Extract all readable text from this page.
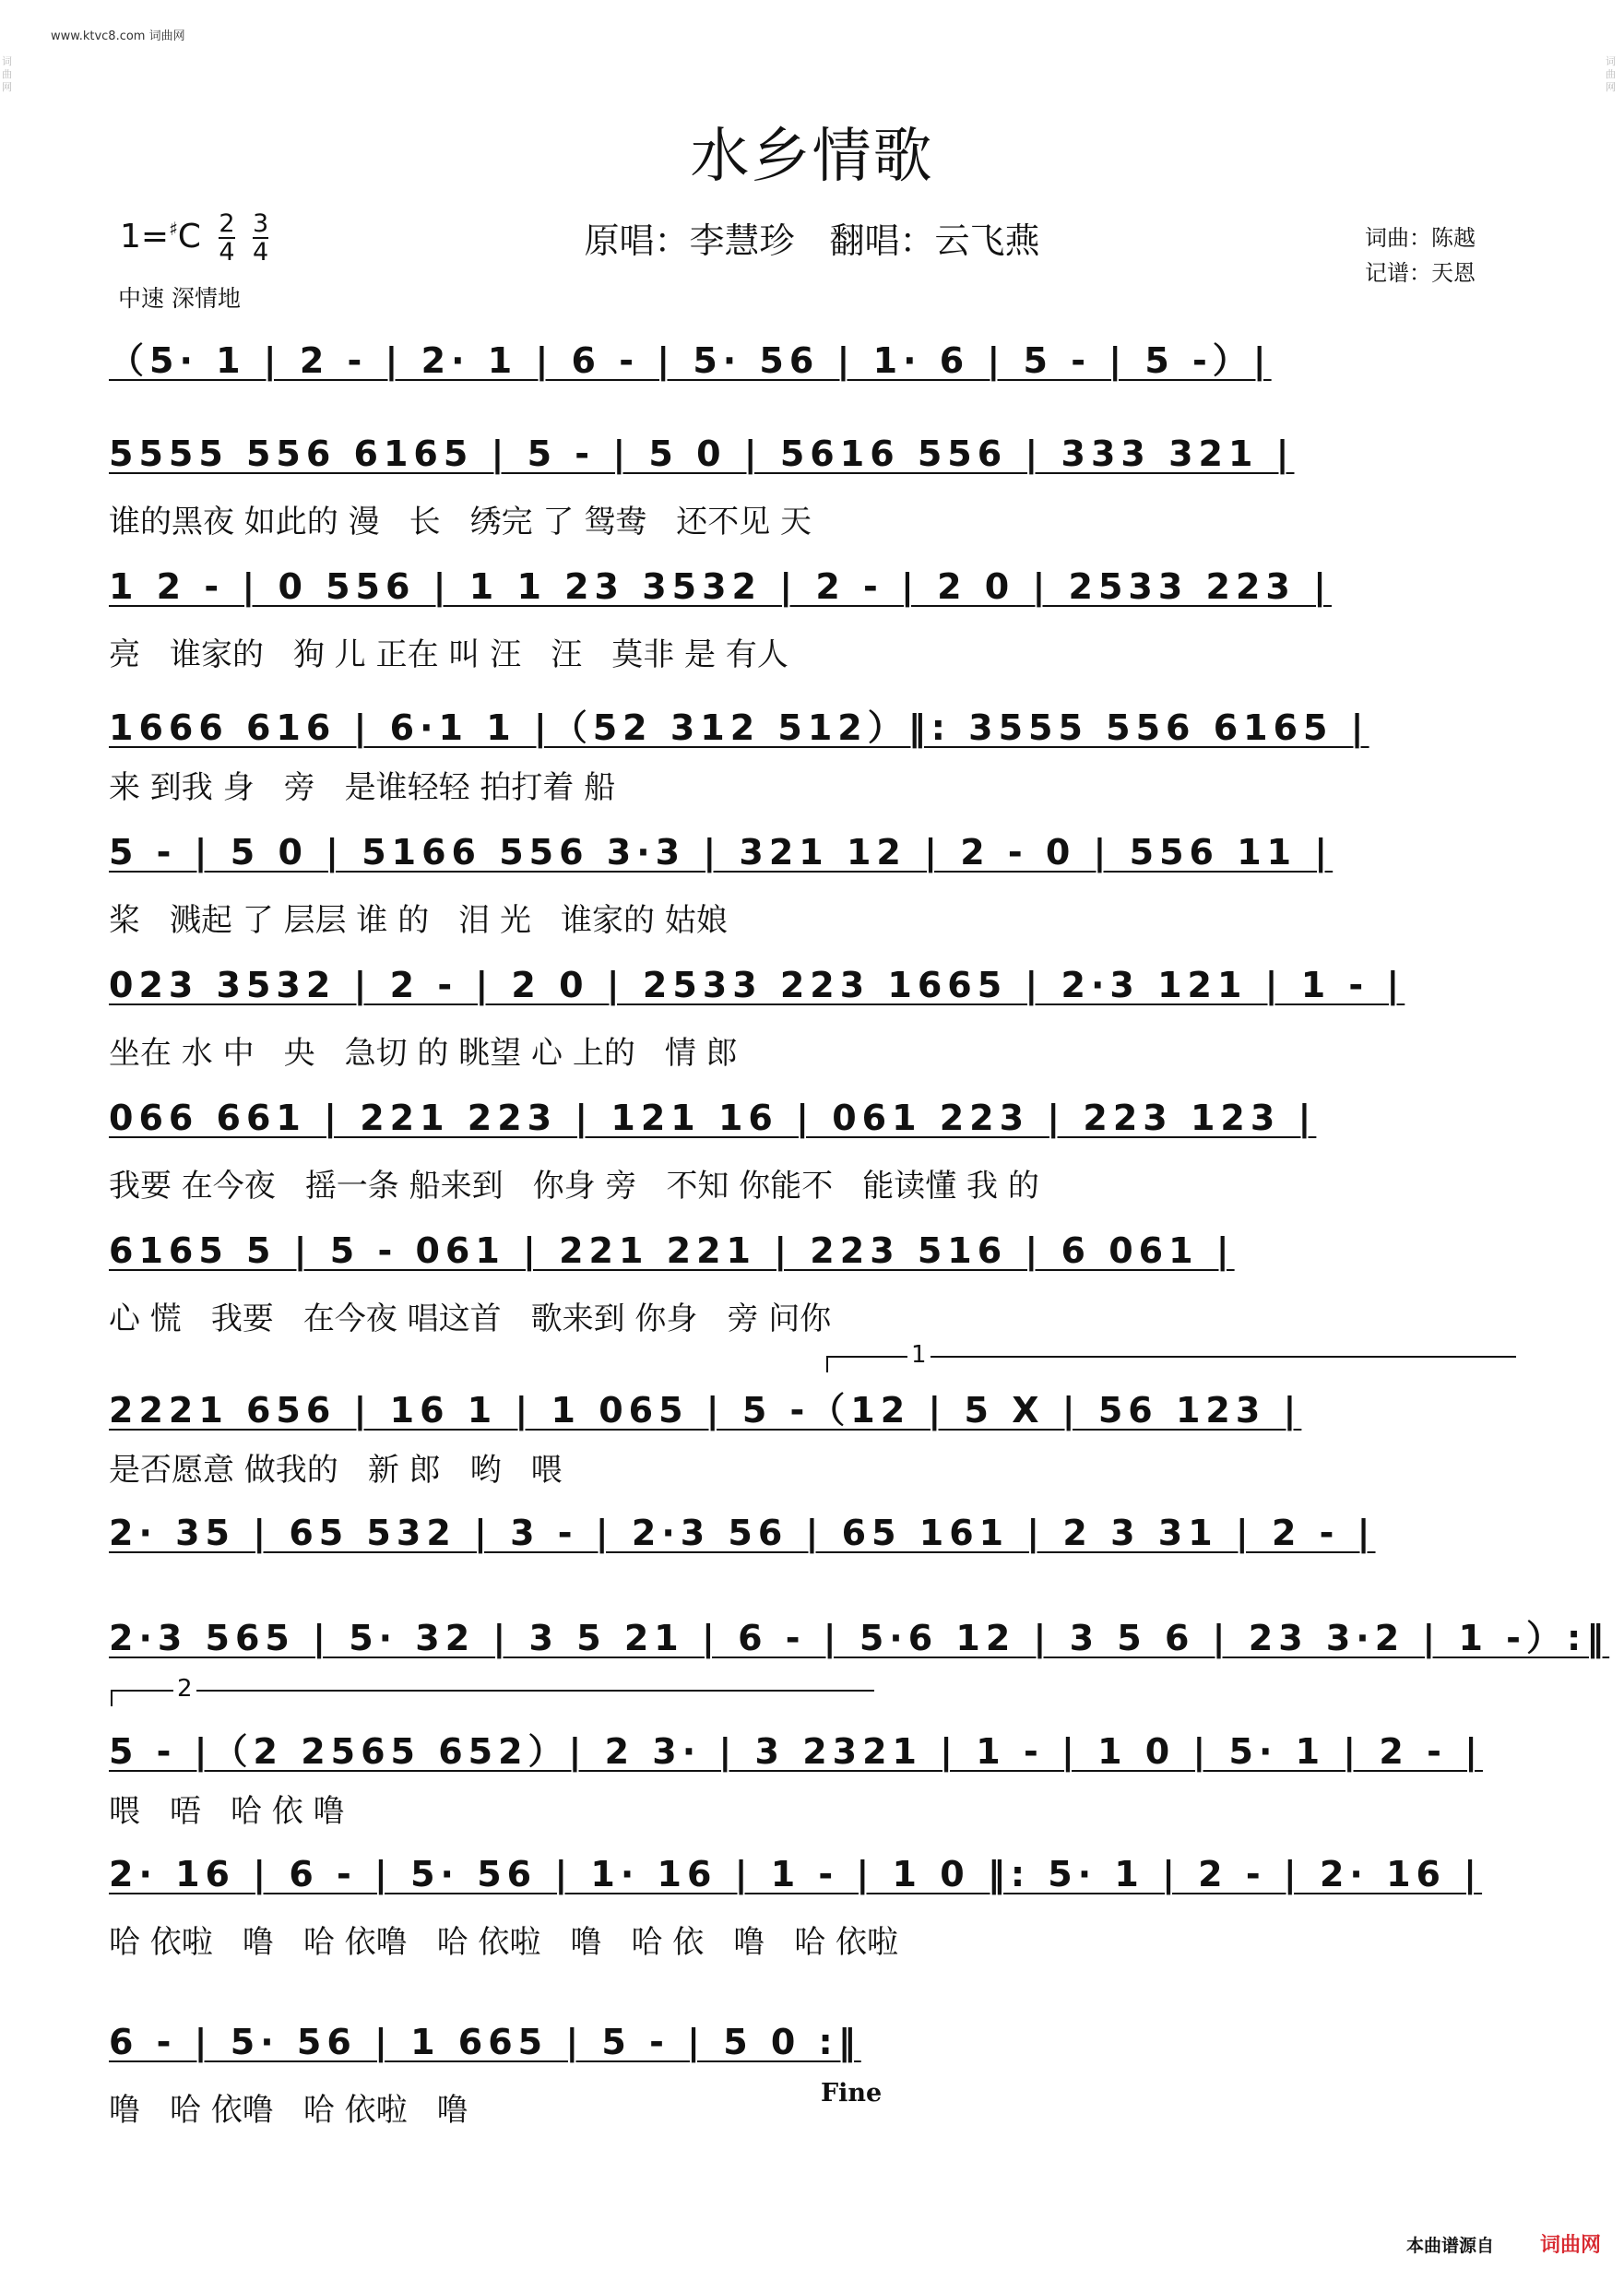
www.ktvc8.com 词曲网
词曲网
词曲网
水乡情歌
$1=^♯C \frac{2}{4}$
$\frac{3}{4}$	原唱：李慧珍　翻唱：云飞燕	词曲：陈越
记谱：天恩
中速 深情地
（5· 1 | 2 - | 2· 1 | 6 - | 5· 56 | 1· 6 | 5 - | 5 -）|
5555 556 6165 | 5 - | 5 0 | 5616 556 | 333 321 |
谁的黑夜 如此的 漫 长 绣完 了 鸳鸯 还不见 天
1 2 - | 0 556 | 1 1 23 3532 | 2 - | 2 0 | 2533 223 |
亮 谁家的 狗 儿 正在 叫 汪 汪 莫非 是 有人
1666 616 | 6·1 1 |（52 312 512）‖: 3555 556 6165 |
来 到我 身 旁 是谁轻轻 拍打着 船
5 - | 5 0 | 5166 556 3·3 | 321 12 | 2 - 0 | 556 11 |
桨 溅起 了 层层 谁 的 泪 光 谁家的 姑娘
023 3532 | 2 - | 2 0 | 2533 223 1665 | 2·3 121 | 1 - |
坐在 水 中 央 急切 的 眺望 心 上的 情 郎
066 661 | 221 223 | 121 16 | 061 223 | 223 123 |
我要 在今夜 摇一条 船来到 你身 旁 不知 你能不 能读懂 我 的
6165 5 | 5 - 061 | 221 221 | 223 516 | 6 061 |
心 慌 我要 在今夜 唱这首 歌来到 你身 旁 问你
2221 656 | 16 1 | 1 065 | 5 -（12 | 5 X | 56 123 |
是否愿意 做我的 新 郎 哟 喂
2· 35 | 65 532 | 3 - | 2·3 56 | 65 161 | 2 3 31 | 2 - |
2·3 565 | 5· 32 | 3 5 21 | 6 - | 5·6 12 | 3 5 6 | 23 3·2 | 1 -）:‖
5 - |（2 2565 652）| 2 3· | 3 2321 | 1 - | 1 0 | 5· 1 | 2 - |
喂 唔 哈 依 噜
2· 16 | 6 - | 5· 56 | 1· 16 | 1 - | 1 0 ‖: 5· 1 | 2 - | 2· 16 |
哈 依啦 噜 哈 依噜 哈 依啦 噜 哈 依 噜 哈 依啦
6 - | 5· 56 | 1 665 | 5 - | 5 0 :‖
噜 哈 依噜 哈 依啦 噜
1
2
Fine
本曲谱源自 词曲网
